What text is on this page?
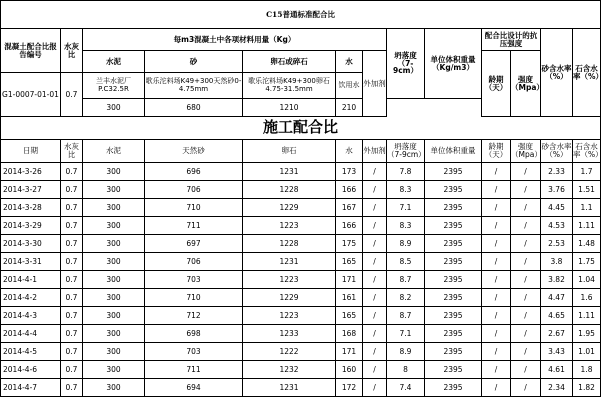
C15普通标准配合比													
混凝土配合比报告编号	水灰比	每m3混凝土中各项材料用量（Kg）					坍落度（7-9cm）	单位体积重量（Kg/m3）	配合比设计的抗压强度		砂含水率（%）	石含水率（%）	
		水泥	砂	卵石或碎石	水	外加剂			龄期（天）	强度（Mpa）			
G1-0007-01-01	0.7	兰丰水泥厂P.C32.5R	歌乐沱料场K49+300天然砂0-4.75mm	歌乐沱料场K49+300卵石4.75-31.5mm	饮用水		
		300	680	1210	210								
施工配合比												
日期	水灰比	水泥	天然砂	卵石	水	外加剂	坍落度（7-9cm）	单位体积重量	龄期（天）	强度（Mpa）	砂含水率（%）	石含水率（%）
2014-3-26	0.7	300	696	1231	173	/	7.8	2395	/	/	2.33	1.7
2014-3-27	0.7	300	706	1228	166	/	8.3	2395	/	/	3.76	1.51
2014-3-28	0.7	300	710	1229	167	/	7.1	2395	/	/	4.45	1.1
2014-3-29	0.7	300	711	1223	166	/	8.3	2395	/	/	4.53	1.11
2014-3-30	0.7	300	697	1228	175	/	8.9	2395	/	/	2.53	1.48
2014-3-31	0.7	300	706	1231	165	/	8.5	2395	/	/	3.8	1.75
2014-4-1	0.7	300	703	1223	171	/	8.7	2395	/	/	3.82	1.04
2014-4-2	0.7	300	710	1229	161	/	8.2	2395	/	/	4.47	1.6
2014-4-3	0.7	300	712	1223	165	/	8.7	2395	/	/	4.65	1.11
2014-4-4	0.7	300	698	1233	168	/	7.1	2395	/	/	2.67	1.95
2014-4-5	0.7	300	703	1222	171	/	8.9	2395	/	/	3.43	1.01
2014-4-6	0.7	300	711	1232	160	/	8	2395	/	/	4.61	1.8
2014-4-7	0.7	300	694	1231	172	/	7.4	2395	/	/	2.34	1.82
